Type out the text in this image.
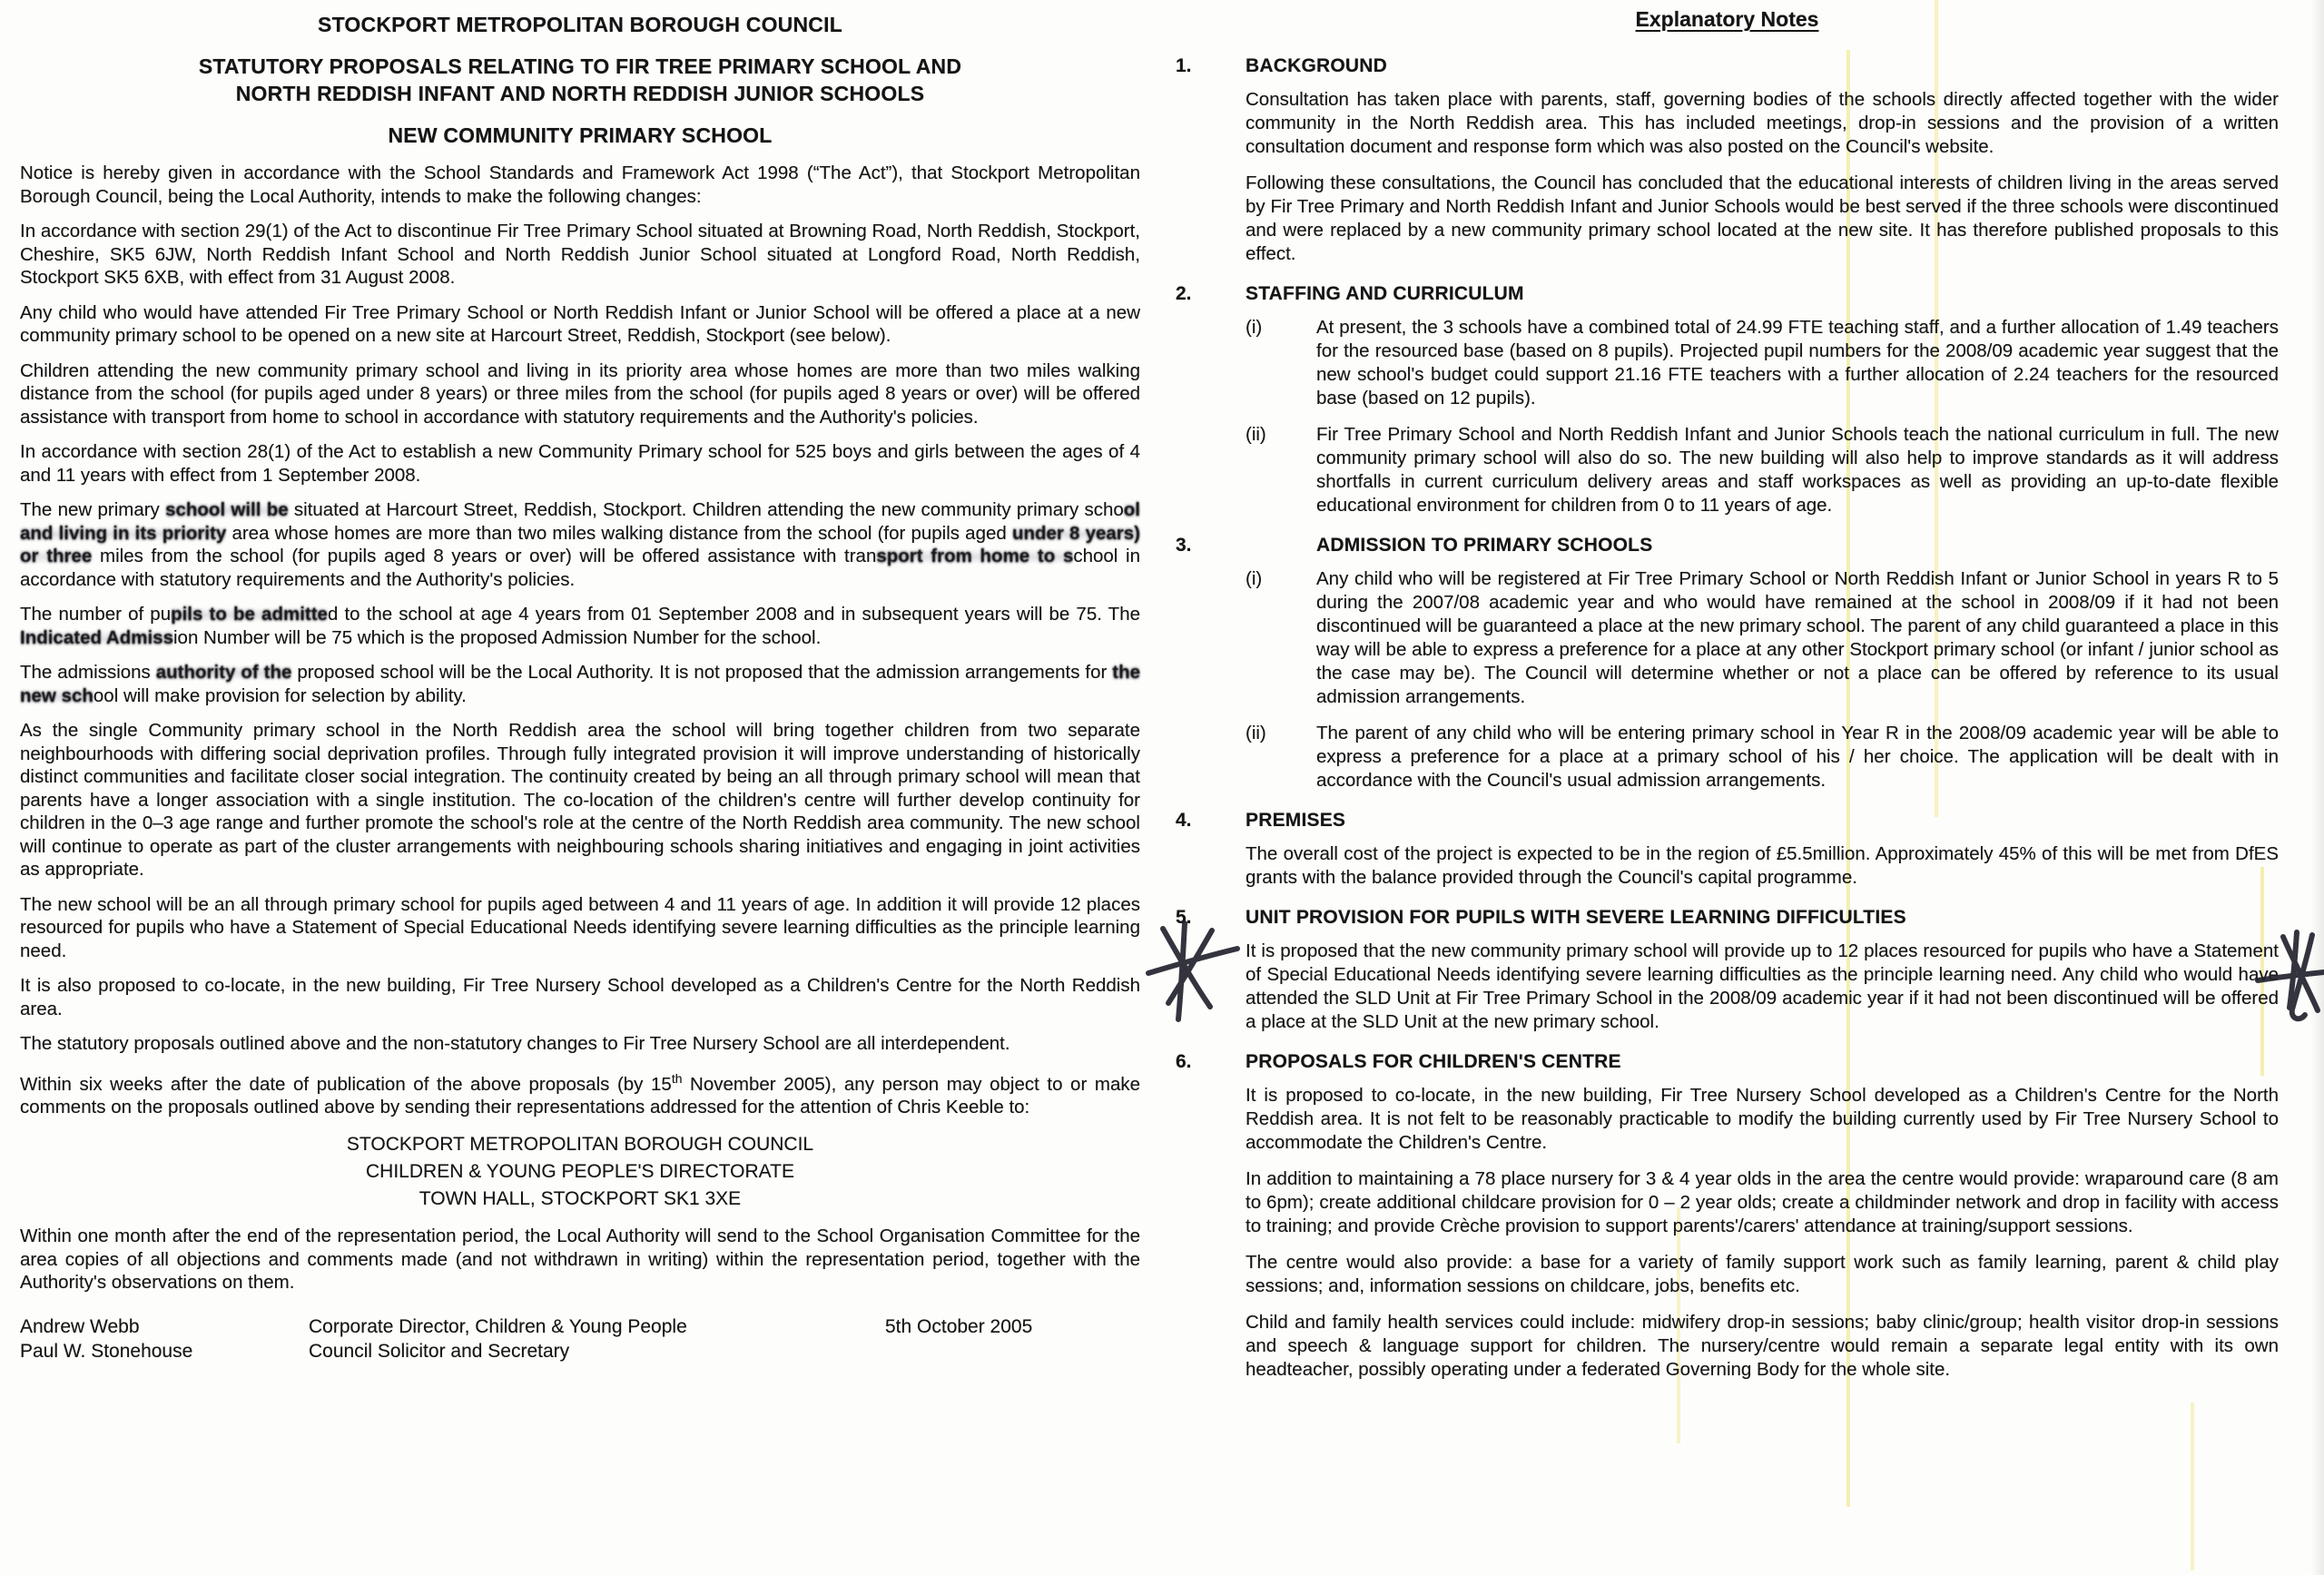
STOCKPORT METROPOLITAN BOROUGH COUNCIL
STATUTORY PROPOSALS RELATING TO FIR TREE PRIMARY SCHOOL AND
NORTH REDDISH INFANT AND NORTH REDDISH JUNIOR SCHOOLS
NEW COMMUNITY PRIMARY SCHOOL

Notice is hereby given in accordance with the School Standards and Framework Act 1998 (“The Act”), that Stockport Metropolitan Borough Council, being the Local Authority, intends to make the following changes:

In accordance with section 29(1) of the Act to discontinue Fir Tree Primary School situated at Browning Road, North Reddish, Stockport, Cheshire, SK5 6JW, North Reddish Infant School and North Reddish Junior School situated at Longford Road, North Reddish, Stockport SK5 6XB, with effect from 31 August 2008.

Any child who would have attended Fir Tree Primary School or North Reddish Infant or Junior School will be offered a place at a new community primary school to be opened on a new site at Harcourt Street, Reddish, Stockport (see below).

Children attending the new community primary school and living in its priority area whose homes are more than two miles walking distance from the school (for pupils aged under 8 years) or three miles from the school (for pupils aged 8 years or over) will be offered assistance with transport from home to school in accordance with statutory requirements and the Authority's policies.

In accordance with section 28(1) of the Act to establish a new Community Primary school for 525 boys and girls between the ages of 4 and 11 years with effect from 1 September 2008.

The new primary school will be situated at Harcourt Street, Reddish, Stockport. Children attending the new community primary school and living in its priority area whose homes are more than two miles walking distance from the school (for pupils aged under 8 years) or three miles from the school (for pupils aged 8 years or over) will be offered assistance with transport from home to school in accordance with statutory requirements and the Authority's policies.

The number of pupils to be admitted to the school at age 4 years from 01 September 2008 and in subsequent years will be 75. The Indicated Admission Number will be 75 which is the proposed Admission Number for the school.

The admissions authority of the proposed school will be the Local Authority. It is not proposed that the admission arrangements for the new school will make provision for selection by ability.

As the single Community primary school in the North Reddish area the school will bring together children from two separate neighbourhoods with differing social deprivation profiles. Through fully integrated provision it will improve understanding of historically distinct communities and facilitate closer social integration. The continuity created by being an all through primary school will mean that parents have a longer association with a single institution. The co-location of the children's centre will further develop continuity for children in the 0–3 age range and further promote the school's role at the centre of the North Reddish area community. The new school will continue to operate as part of the cluster arrangements with neighbouring schools sharing initiatives and engaging in joint activities as appropriate.

The new school will be an all through primary school for pupils aged between 4 and 11 years of age. In addition it will provide 12 places resourced for pupils who have a Statement of Special Educational Needs identifying severe learning difficulties as the principle learning need.

It is also proposed to co-locate, in the new building, Fir Tree Nursery School developed as a Children's Centre for the North Reddish area.

The statutory proposals outlined above and the non-statutory changes to Fir Tree Nursery School are all interdependent.

Within six weeks after the date of publication of the above proposals (by 15th November 2005), any person may object to or make comments on the proposals outlined above by sending their representations addressed for the attention of Chris Keeble to:

STOCKPORT METROPOLITAN BOROUGH COUNCIL
CHILDREN & YOUNG PEOPLE'S DIRECTORATE
TOWN HALL, STOCKPORT SK1 3XE

Within one month after the end of the representation period, the Local Authority will send to the School Organisation Committee for the area copies of all objections and comments made (and not withdrawn in writing) within the representation period, together with the Authority's observations on them.

Andrew Webb	Corporate Director, Children & Young People	5th October 2005
Paul W. Stonehouse	Council Solicitor and Secretary
Explanatory Notes
1.	BACKGROUND

Consultation has taken place with parents, staff, governing bodies of the schools directly affected together with the wider community in the North Reddish area. This has included meetings, drop-in sessions and the provision of a written consultation document and response form which was also posted on the Council's website.

Following these consultations, the Council has concluded that the educational interests of children living in the areas served by Fir Tree Primary and North Reddish Infant and Junior Schools would be best served if the three schools were discontinued and were replaced by a new community primary school located at the new site. It has therefore published proposals to this effect.

2.	STAFFING AND CURRICULUM
(i)	At present, the 3 schools have a combined total of 24.99 FTE teaching staff, and a further allocation of 1.49 teachers for the resourced base (based on 8 pupils). Projected pupil numbers for the 2008/09 academic year suggest that the new school's budget could support 21.16 FTE teachers with a further allocation of 2.24 teachers for the resourced base (based on 12 pupils).

(ii)	Fir Tree Primary School and North Reddish Infant and Junior Schools teach the national curriculum in full. The new community primary school will also do so. The new building will also help to improve standards as it will address shortfalls in current curriculum delivery areas and staff workspaces as well as providing an up-to-date flexible educational environment for children from 0 to 11 years of age.

3.	ADMISSION TO PRIMARY SCHOOLS
(i)	Any child who will be registered at Fir Tree Primary School or North Reddish Infant or Junior School in years R to 5 during the 2007/08 academic year and who would have remained at the school in 2008/09 if it had not been discontinued will be guaranteed a place at the new primary school. The parent of any child guaranteed a place in this way will be able to express a preference for a place at any other Stockport primary school (or infant / junior school as the case may be). The Council will determine whether or not a place can be offered by reference to its usual admission arrangements.

(ii)	The parent of any child who will be entering primary school in Year R in the 2008/09 academic year will be able to express a preference for a place at a primary school of his / her choice. The application will be dealt with in accordance with the Council's usual admission arrangements.

4.	PREMISES

The overall cost of the project is expected to be in the region of £5.5million. Approximately 45% of this will be met from DfES grants with the balance provided through the Council's capital programme.

5.	UNIT PROVISION FOR PUPILS WITH SEVERE LEARNING DIFFICULTIES

It is proposed that the new community primary school will provide up to 12 places resourced for pupils who have a Statement of Special Educational Needs identifying severe learning difficulties as the principle learning need. Any child who would have attended the SLD Unit at Fir Tree Primary School in the 2008/09 academic year if it had not been discontinued will be offered a place at the SLD Unit at the new primary school.

6.	PROPOSALS FOR CHILDREN'S CENTRE

It is proposed to co-locate, in the new building, Fir Tree Nursery School developed as a Children's Centre for the North Reddish area. It is not felt to be reasonably practicable to modify the building currently used by Fir Tree Nursery School to accommodate the Children's Centre.

In addition to maintaining a 78 place nursery for 3 & 4 year olds in the area the centre would provide: wraparound care (8 am to 6pm); create additional childcare provision for 0 – 2 year olds; create a childminder network and drop in facility with access to training; and provide Crèche provision to support parents'/carers' attendance at training/support sessions.

The centre would also provide: a base for a variety of family support work such as family learning, parent & child play sessions; and, information sessions on childcare, jobs, benefits etc.

Child and family health services could include: midwifery drop-in sessions; baby clinic/group; health visitor drop-in sessions and speech & language support for children. The nursery/centre would remain a separate legal entity with its own headteacher, possibly operating under a federated Governing Body for the whole site.
